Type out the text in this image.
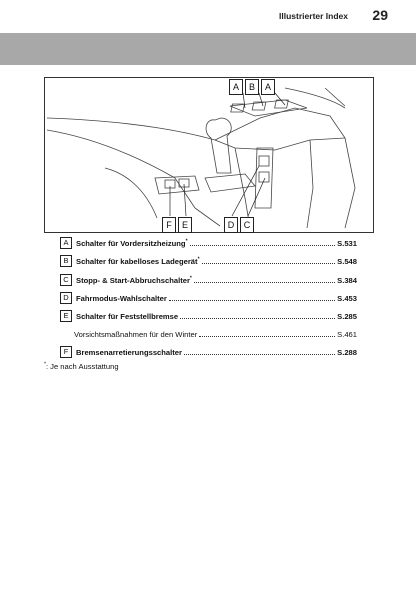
Illustrierter Index 29
A	B	A
F	E	D	C
A Schalter für Vordersitzheizung*	S.531
B Schalter für kabelloses Ladegerät*	S.548
C Stopp- & Start-Abbruchschalter*	S.384
D Fahrmodus-Wahlschalter	S.453
E Schalter für Feststellbremse	S.285
Vorsichtsmaßnahmen für den Winter	S.461
F	Bremsenarretierungsschalter	S.288
*: Je nach Ausstattung
